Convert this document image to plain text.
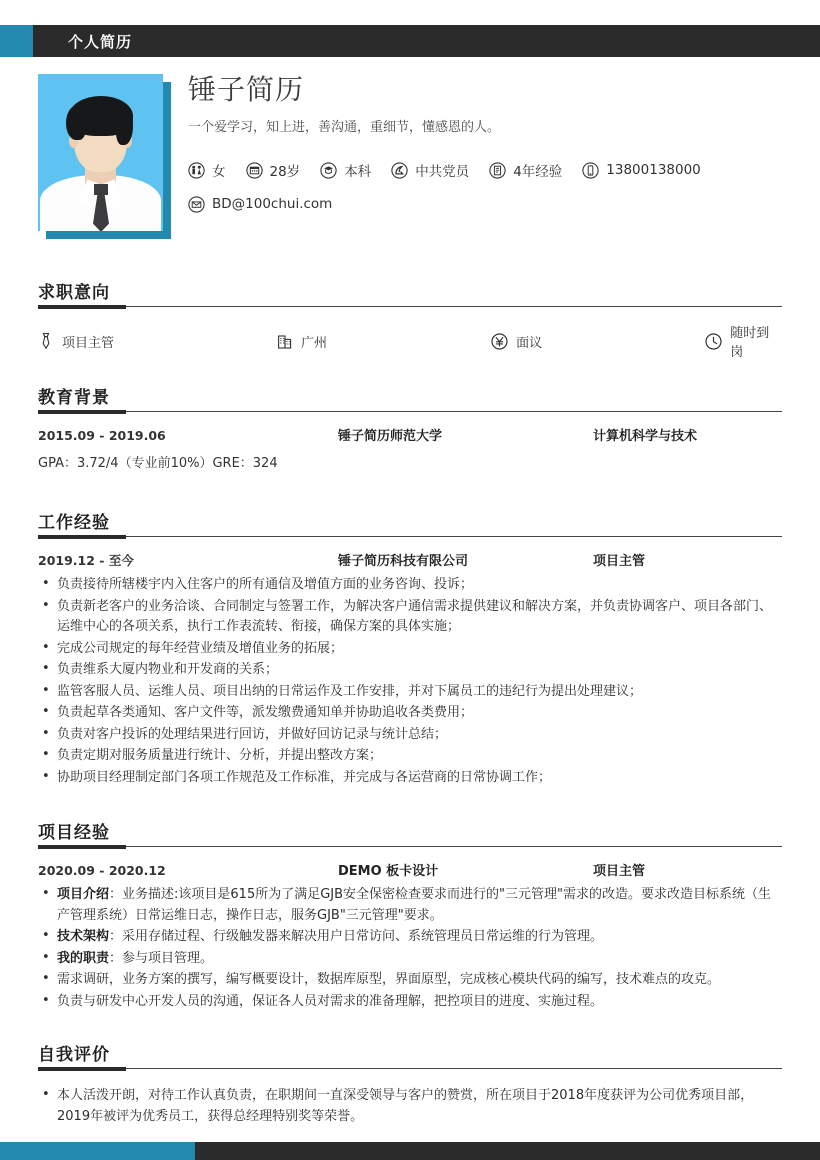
个人简历
锤子简历
一个爱学习，知上进，善沟通，重细节，懂感恩的人。
女	28岁	本科	中共党员	4年经验	13800138000
BD@100chui.com
求职意向
项目主管	广州	面议
随时到岗
教育背景
2015.09 - 2019.06	锤子简历师范大学	计算机科学与技术
GPA：3.72/4（专业前10%）GRE：324
工作经验
2019.12 - 至今	锤子简历科技有限公司	项目主管
• 负责接待所辖楼宇内入住客户的所有通信及增值方面的业务咨询、投诉；
• 负责新老客户的业务洽谈、合同制定与签署工作，为解决客户通信需求提供建议和解决方案，并负责协调客户、项目各部门、运维中心的各项关系，执行工作表流转、衔接，确保方案的具体实施；
• 完成公司规定的每年经营业绩及增值业务的拓展；
• 负责维系大厦内物业和开发商的关系；
• 监管客服人员、运维人员、项目出纳的日常运作及工作安排，并对下属员工的违纪行为提出处理建议；
• 负责起草各类通知、客户文件等，派发缴费通知单并协助追收各类费用；
• 负责对客户投诉的处理结果进行回访，并做好回访记录与统计总结；
• 负责定期对服务质量进行统计、分析，并提出整改方案；
• 协助项目经理制定部门各项工作规范及工作标准，并完成与各运营商的日常协调工作；
项目经验
2020.09 - 2020.12	DEMO 板卡设计	项目主管
• 项目介绍：业务描述:该项目是615所为了满足GJB安全保密检查要求而进行的"三元管理"需求的改造。要求改造目标系统（生产管理系统）日常运维日志，操作日志，服务GJB"三元管理"要求。
• 技术架构：采用存储过程、行级触发器来解决用户日常访问、系统管理员日常运维的行为管理。
• 我的职责：参与项目管理。
• 需求调研，业务方案的撰写，编写概要设计，数据库原型，界面原型，完成核心模块代码的编写，技术难点的攻克。
• 负责与研发中心开发人员的沟通，保证各人员对需求的准备理解，把控项目的进度、实施过程。
自我评价
• 本人活泼开朗，对待工作认真负责，在职期间一直深受领导与客户的赞赏，所在项目于2018年度获评为公司优秀项目部，2019年被评为优秀员工，获得总经理特别奖等荣誉。
